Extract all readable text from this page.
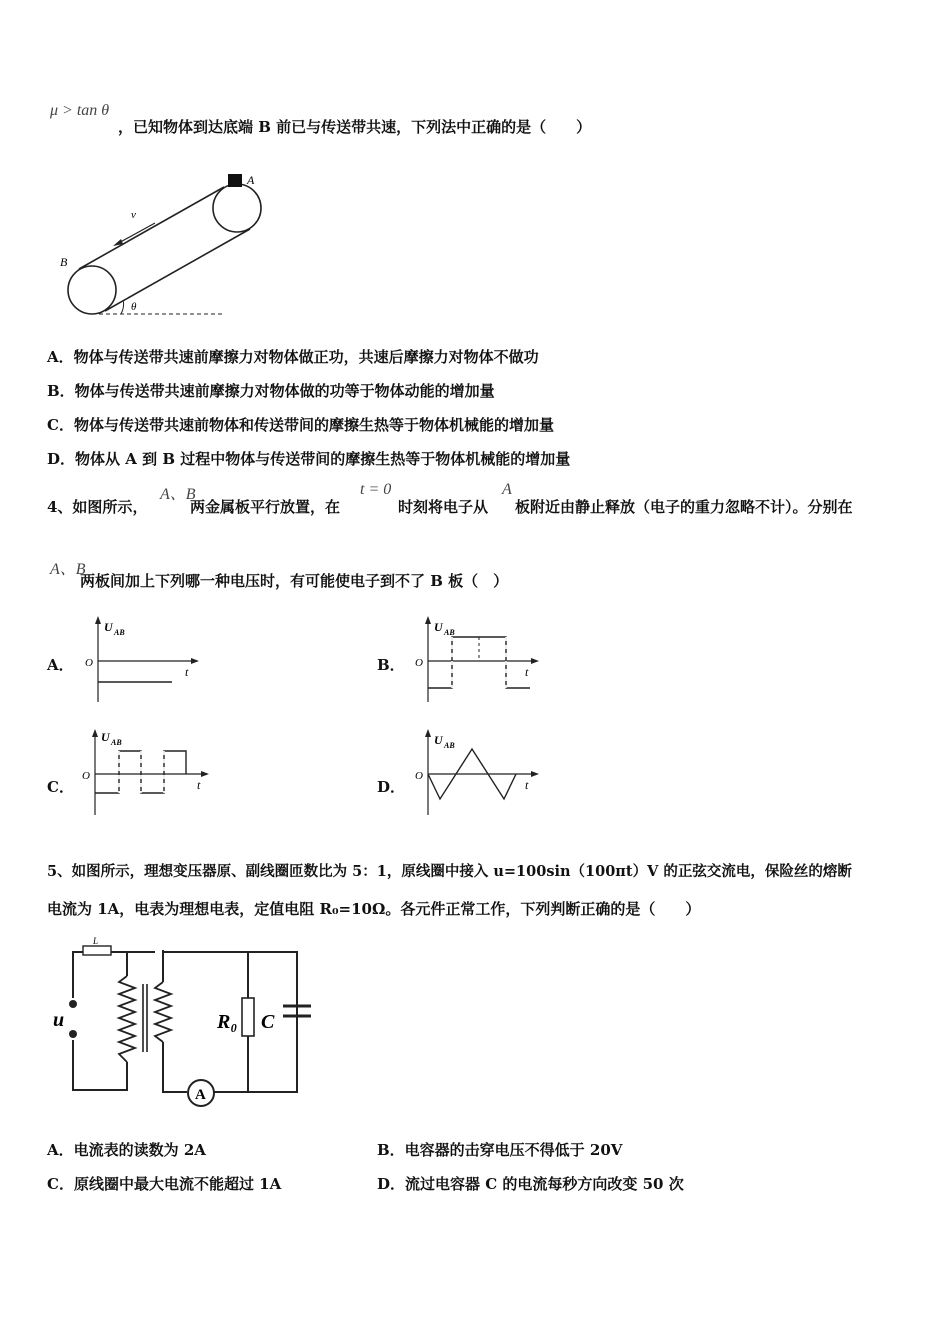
μ > tan θ
，已知物体到达底端 B 前已与传送带共速，下列法中正确的是（　　）
A
B
v
θ
A．物体与传送带共速前摩擦力对物体做正功，共速后摩擦力对物体不做功
B．物体与传送带共速前摩擦力对物体做的功等于物体动能的增加量
C．物体与传送带共速前物体和传送带间的摩擦生热等于物体机械能的增加量
D．物体从 A 到 B 过程中物体与传送带间的摩擦生热等于物体机械能的增加量
4、如图所示，
A、B
两金属板平行放置，在
t = 0
时刻将电子从
A
板附近由静止释放（电子的重力忽略不计）。分别在
A、B
两板间加上下列哪一种电压时，有可能使电子到不了 B 板（　）
A．
U AB
O
t	B．
U AB
O
t
C．
U AB
O
t	D．
U AB
O
t
5、如图所示，理想变压器原、副线圈匝数比为 5：1，原线圈中接入 u=100sin（100πt）V 的正弦交流电，保险丝的熔断
电流为 1A，电表为理想电表，定值电阻 R₀=10Ω。各元件正常工作，下列判断正确的是（　　）
L
u
A
R₀ C
A．电流表的读数为 2A	B．电容器的击穿电压不得低于 20V
C．原线圈中最大电流不能超过 1A	D．流过电容器 C 的电流每秒方向改变 50 次
